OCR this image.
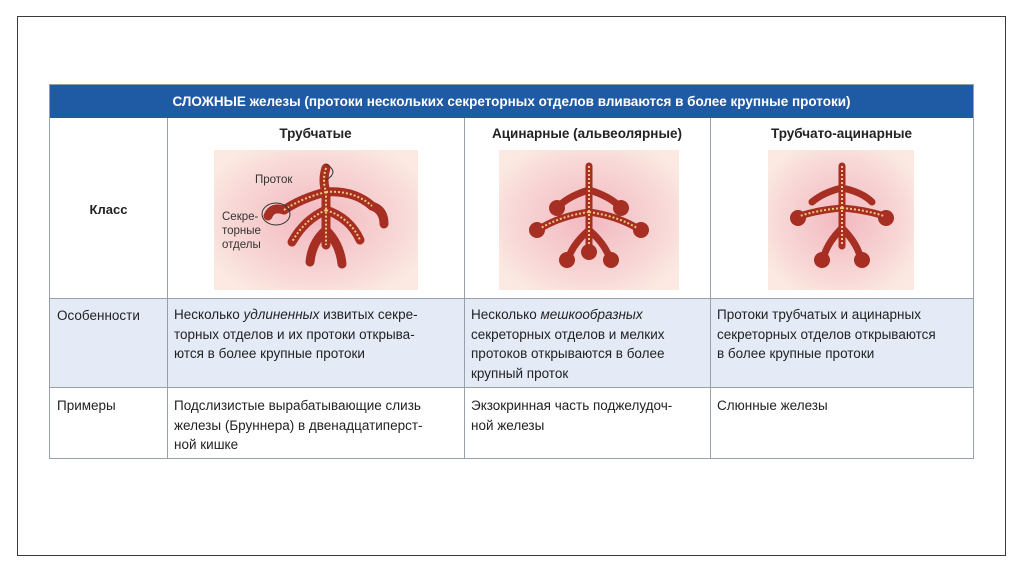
СЛОЖНЫЕ железы (протоки нескольких секреторных отделов вливаются в более крупные протоки)
Класс
Особенности
Примеры
Трубчатые	Ацинарные (альвеолярные)	Трубчато-ацинарные
Проток
Секре-
торные
отделы
Несколько удлиненных извитых секре-
торных отделов и их протоки открыва-
ются в более крупные протоки
Несколько мешкообразных
секреторных отделов и мелких
протоков открываются в более
крупный проток
Протоки трубчатых и ацинарных
секреторных отделов открываются
в более крупные протоки
Подслизистые вырабатывающие слизь
железы (Бруннера) в двенадцатиперст-
ной кишке
Экзокринная часть поджелудоч-
ной железы
Слюнные железы
